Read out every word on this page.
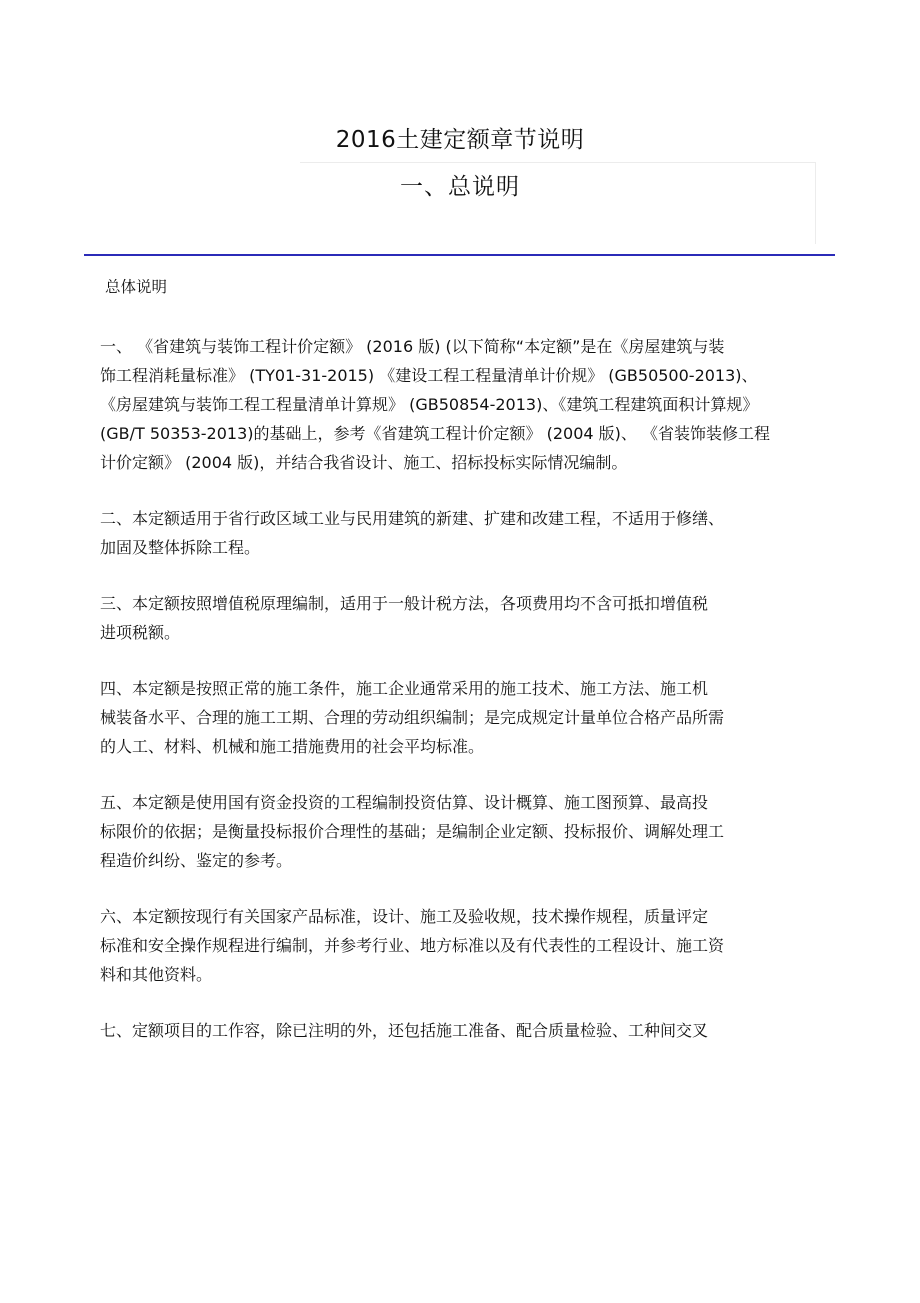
2016土建定额章节说明
一、总说明
总体说明
一、 《省建筑与装饰工程计价定额》 (2016 版) (以下简称“本定额”是在《房屋建筑与装
饰工程消耗量标准》 (TY01-31-2015) 《建设工程工程量清单计价规》 (GB50500-2013)、
《房屋建筑与装饰工程工程量清单计算规》 (GB50854-2013)、《建筑工程建筑面积计算规》
(GB/T 50353-2013)的基础上，参考《省建筑工程计价定额》 (2004 版)、 《省装饰装修工程
计价定额》 (2004 版)，并结合我省设计、施工、招标投标实际情况编制。
二、本定额适用于省行政区域工业与民用建筑的新建、扩建和改建工程，不适用于修缮、
加固及整体拆除工程。
三、本定额按照增值税原理编制，适用于一般计税方法，各项费用均不含可抵扣增值税
进项税额。
四、本定额是按照正常的施工条件，施工企业通常采用的施工技术、施工方法、施工机
械装备水平、合理的施工工期、合理的劳动组织编制；是完成规定计量单位合格产品所需
的人工、材料、机械和施工措施费用的社会平均标准。
五、本定额是使用国有资金投资的工程编制投资估算、设计概算、施工图预算、最高投
标限价的依据；是衡量投标报价合理性的基础；是编制企业定额、投标报价、调解处理工
程造价纠纷、鉴定的参考。
六、本定额按现行有关国家产品标准，设计、施工及验收规，技术操作规程，质量评定
标准和安全操作规程进行编制，并参考行业、地方标准以及有代表性的工程设计、施工资
料和其他资料。
七、定额项目的工作容，除已注明的外，还包括施工准备、配合质量检验、工种间交叉
